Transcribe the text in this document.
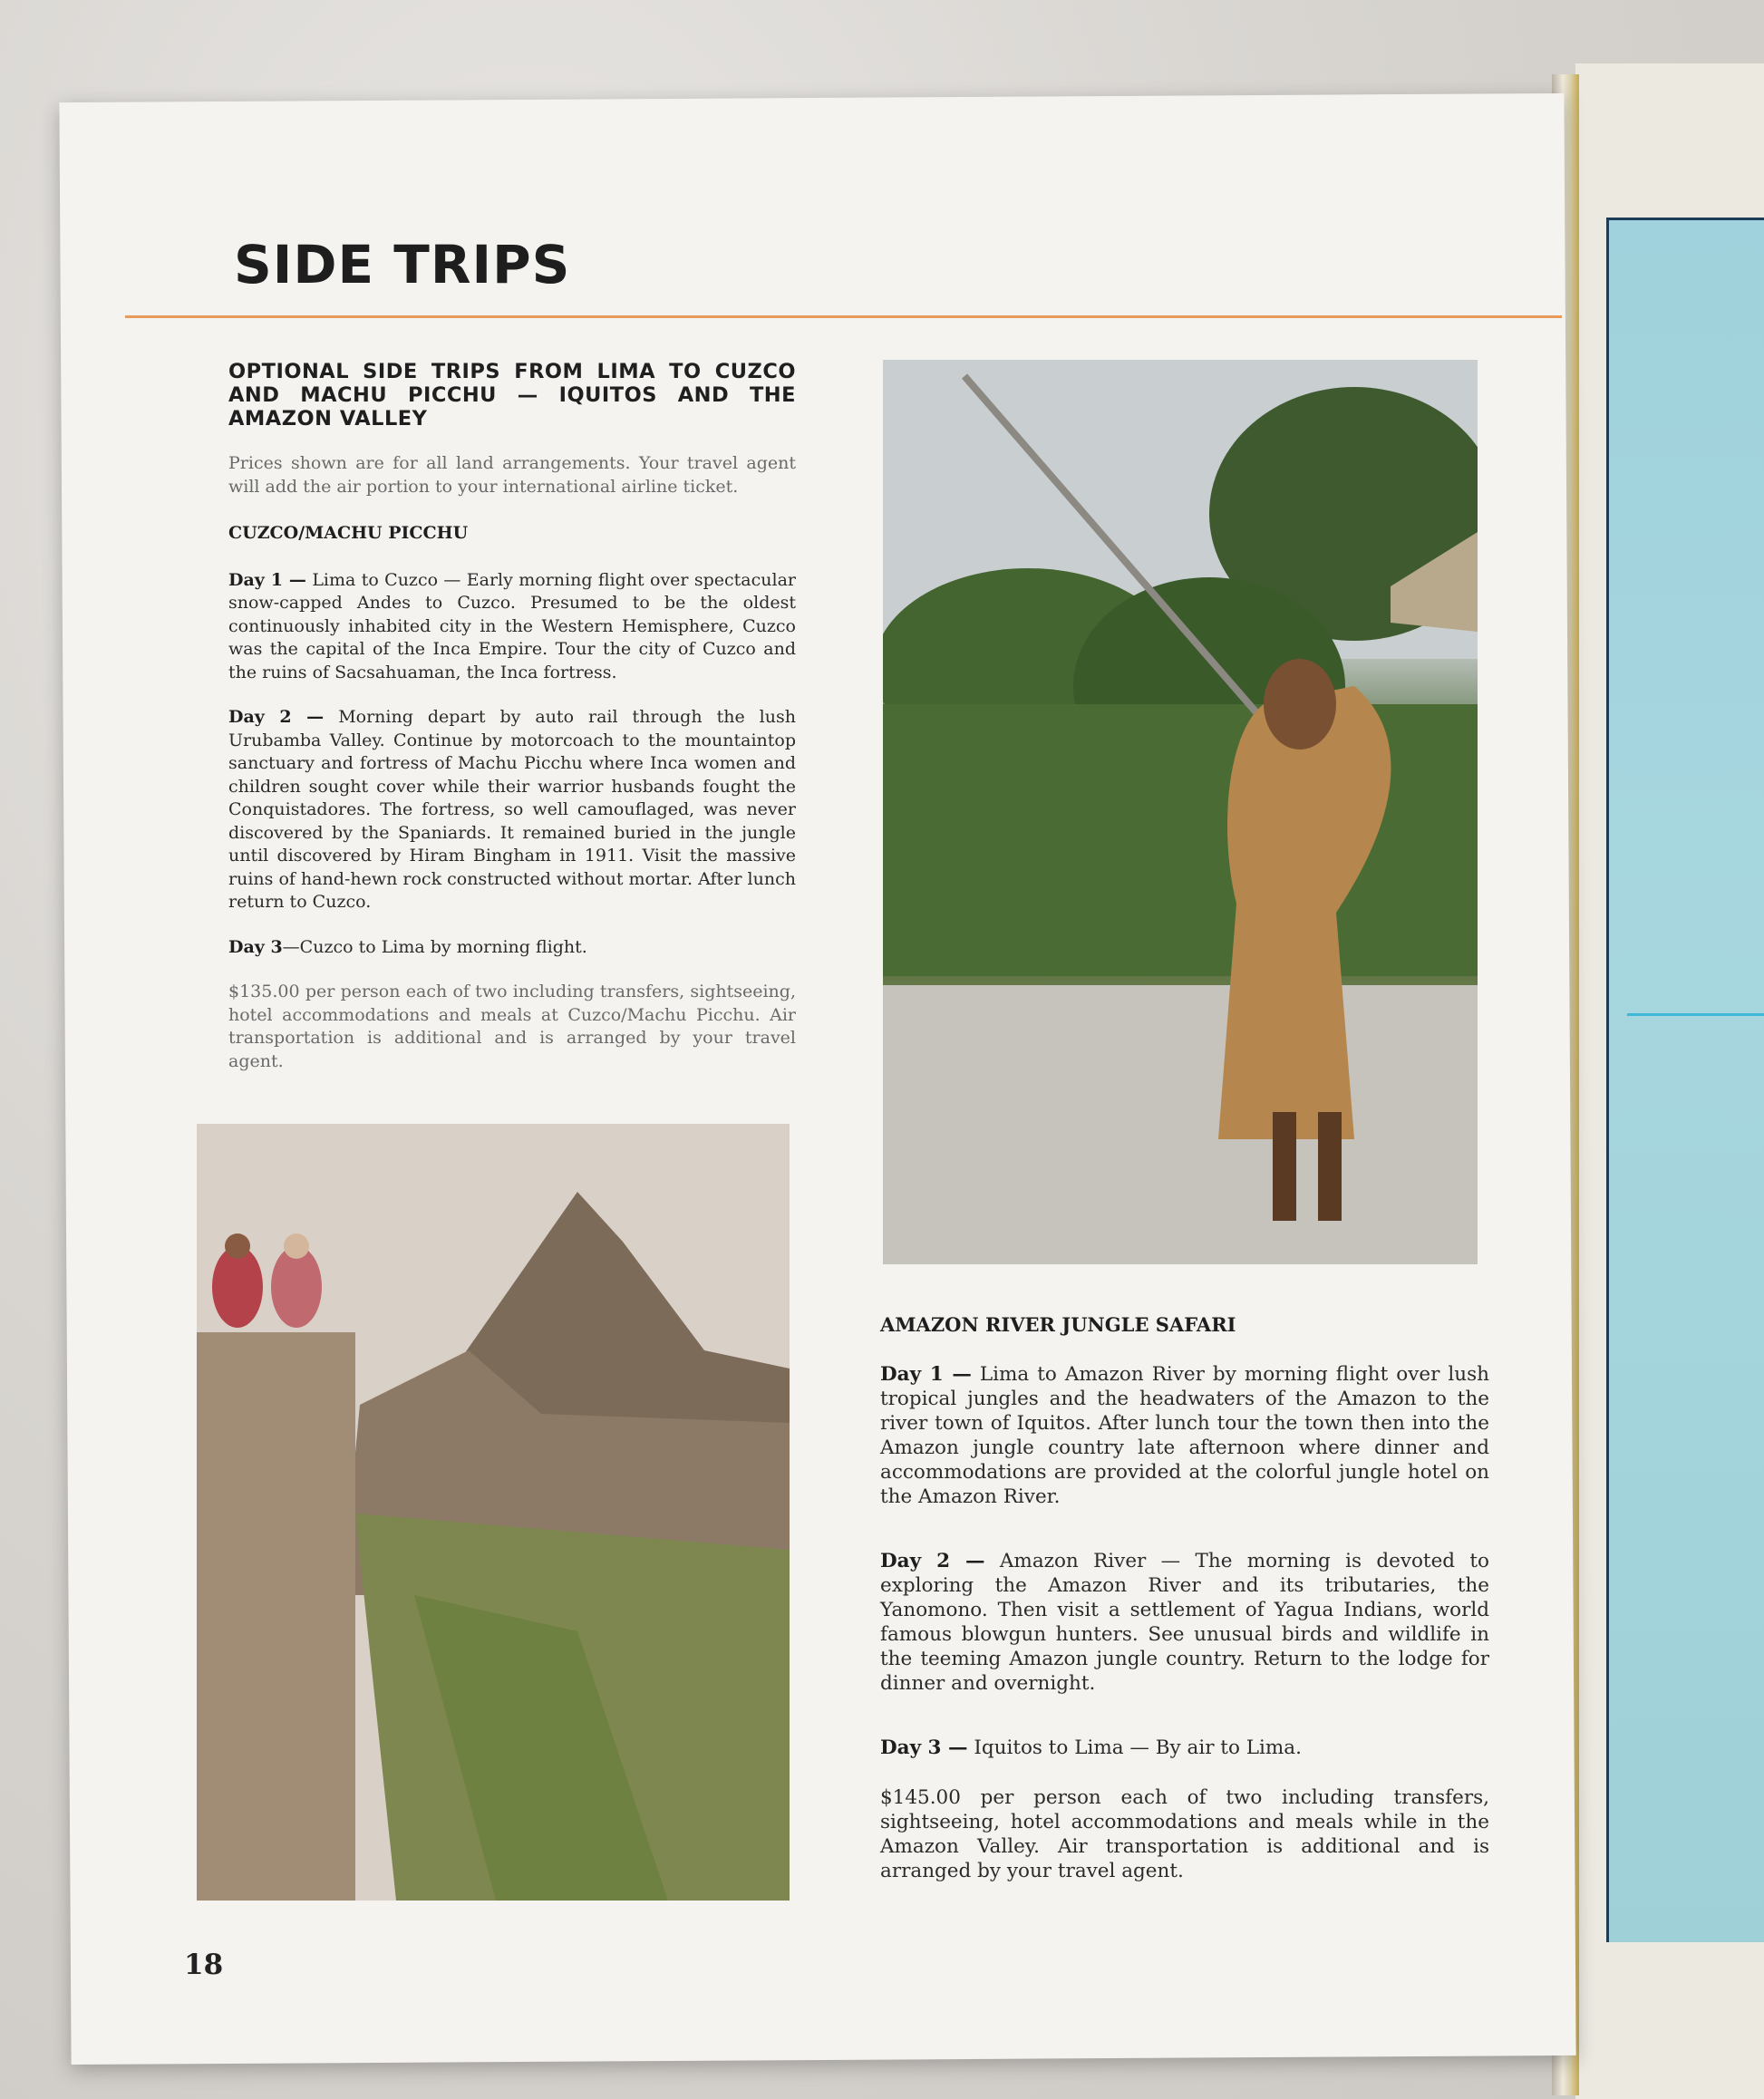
SIDE TRIPS
OPTIONAL SIDE TRIPS FROM LIMA TO CUZCO AND MACHU PICCHU — IQUITOS AND THE AMAZON VALLEY

Prices shown are for all land arrangements. Your travel agent will add the air portion to your international airline ticket.

CUZCO/MACHU PICCHU

Day 1 — Lima to Cuzco — Early morning flight over spectacular snow-capped Andes to Cuzco. Presumed to be the oldest continuously inhabited city in the Western Hemisphere, Cuzco was the capital of the Inca Empire. Tour the city of Cuzco and the ruins of Sacsahuaman, the Inca fortress.

Day 2 — Morning depart by auto rail through the lush Urubamba Valley. Continue by motorcoach to the mountaintop sanctuary and fortress of Machu Picchu where Inca women and children sought cover while their warrior husbands fought the Conquistadores. The fortress, so well camouflaged, was never discovered by the Spaniards. It remained buried in the jungle until discovered by Hiram Bingham in 1911. Visit the massive ruins of hand-hewn rock constructed without mortar. After lunch return to Cuzco.

Day 3—Cuzco to Lima by morning flight.

$135.00 per person each of two including transfers, sightseeing, hotel accommodations and meals at Cuzco/Machu Picchu. Air transportation is additional and is arranged by your travel agent.

AMAZON RIVER JUNGLE SAFARI

Day 1 — Lima to Amazon River by morning flight over lush tropical jungles and the headwaters of the Amazon to the river town of Iquitos. After lunch tour the town then into the Amazon jungle country late afternoon where dinner and accommodations are provided at the colorful jungle hotel on the Amazon River.

Day 2 — Amazon River — The morning is devoted to exploring the Amazon River and its tributaries, the Yanomono. Then visit a settlement of Yagua Indians, world famous blowgun hunters. See unusual birds and wildlife in the teeming Amazon jungle country. Return to the lodge for dinner and overnight.

Day 3 — Iquitos to Lima — By air to Lima.

$145.00 per person each of two including transfers, sightseeing, hotel accommodations and meals while in the Amazon Valley. Air transportation is additional and is arranged by your travel agent.

18
